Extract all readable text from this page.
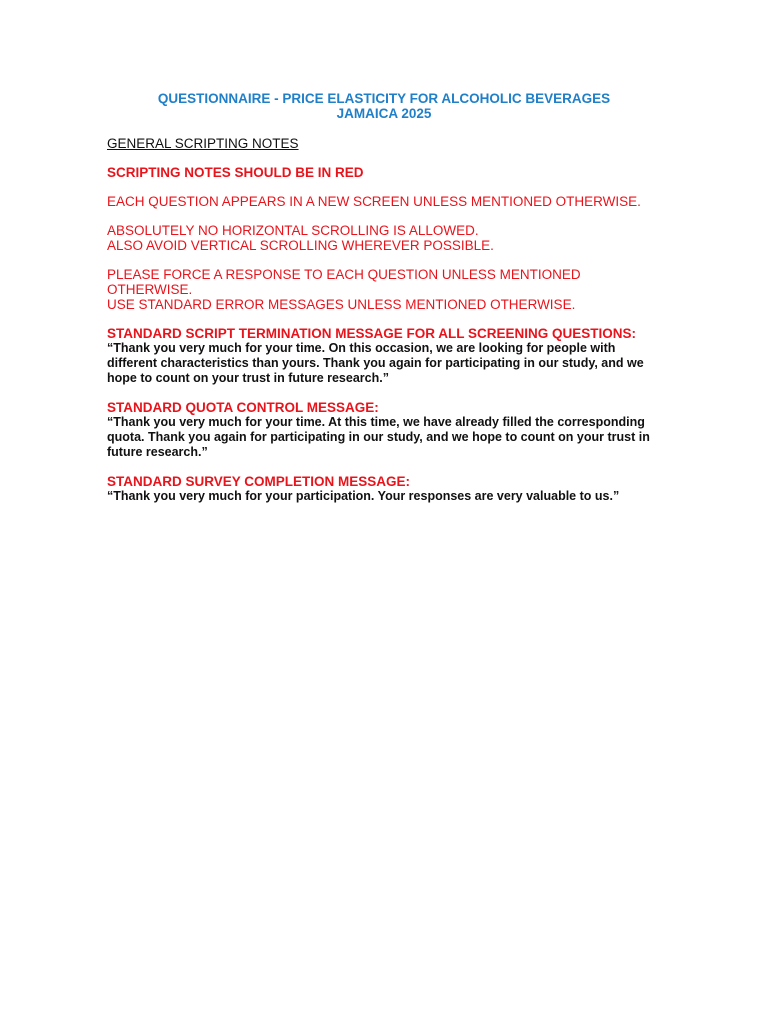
QUESTIONNAIRE - PRICE ELASTICITY FOR ALCOHOLIC BEVERAGES
JAMAICA 2025

GENERAL SCRIPTING NOTES

SCRIPTING NOTES SHOULD BE IN RED

EACH QUESTION APPEARS IN A NEW SCREEN UNLESS MENTIONED OTHERWISE.

ABSOLUTELY NO HORIZONTAL SCROLLING IS ALLOWED.

ALSO AVOID VERTICAL SCROLLING WHEREVER POSSIBLE.

PLEASE FORCE A RESPONSE TO EACH QUESTION UNLESS MENTIONED OTHERWISE.

USE STANDARD ERROR MESSAGES UNLESS MENTIONED OTHERWISE.

STANDARD SCRIPT TERMINATION MESSAGE FOR ALL SCREENING QUESTIONS:

“Thank you very much for your time. On this occasion, we are looking for people with

different characteristics than yours. Thank you again for participating in our study, and we

hope to count on your trust in future research.”

STANDARD QUOTA CONTROL MESSAGE:

“Thank you very much for your time. At this time, we have already filled the corresponding

quota. Thank you again for participating in our study, and we hope to count on your trust in

future research.”

STANDARD SURVEY COMPLETION MESSAGE:

“Thank you very much for your participation. Your responses are very valuable to us.”
